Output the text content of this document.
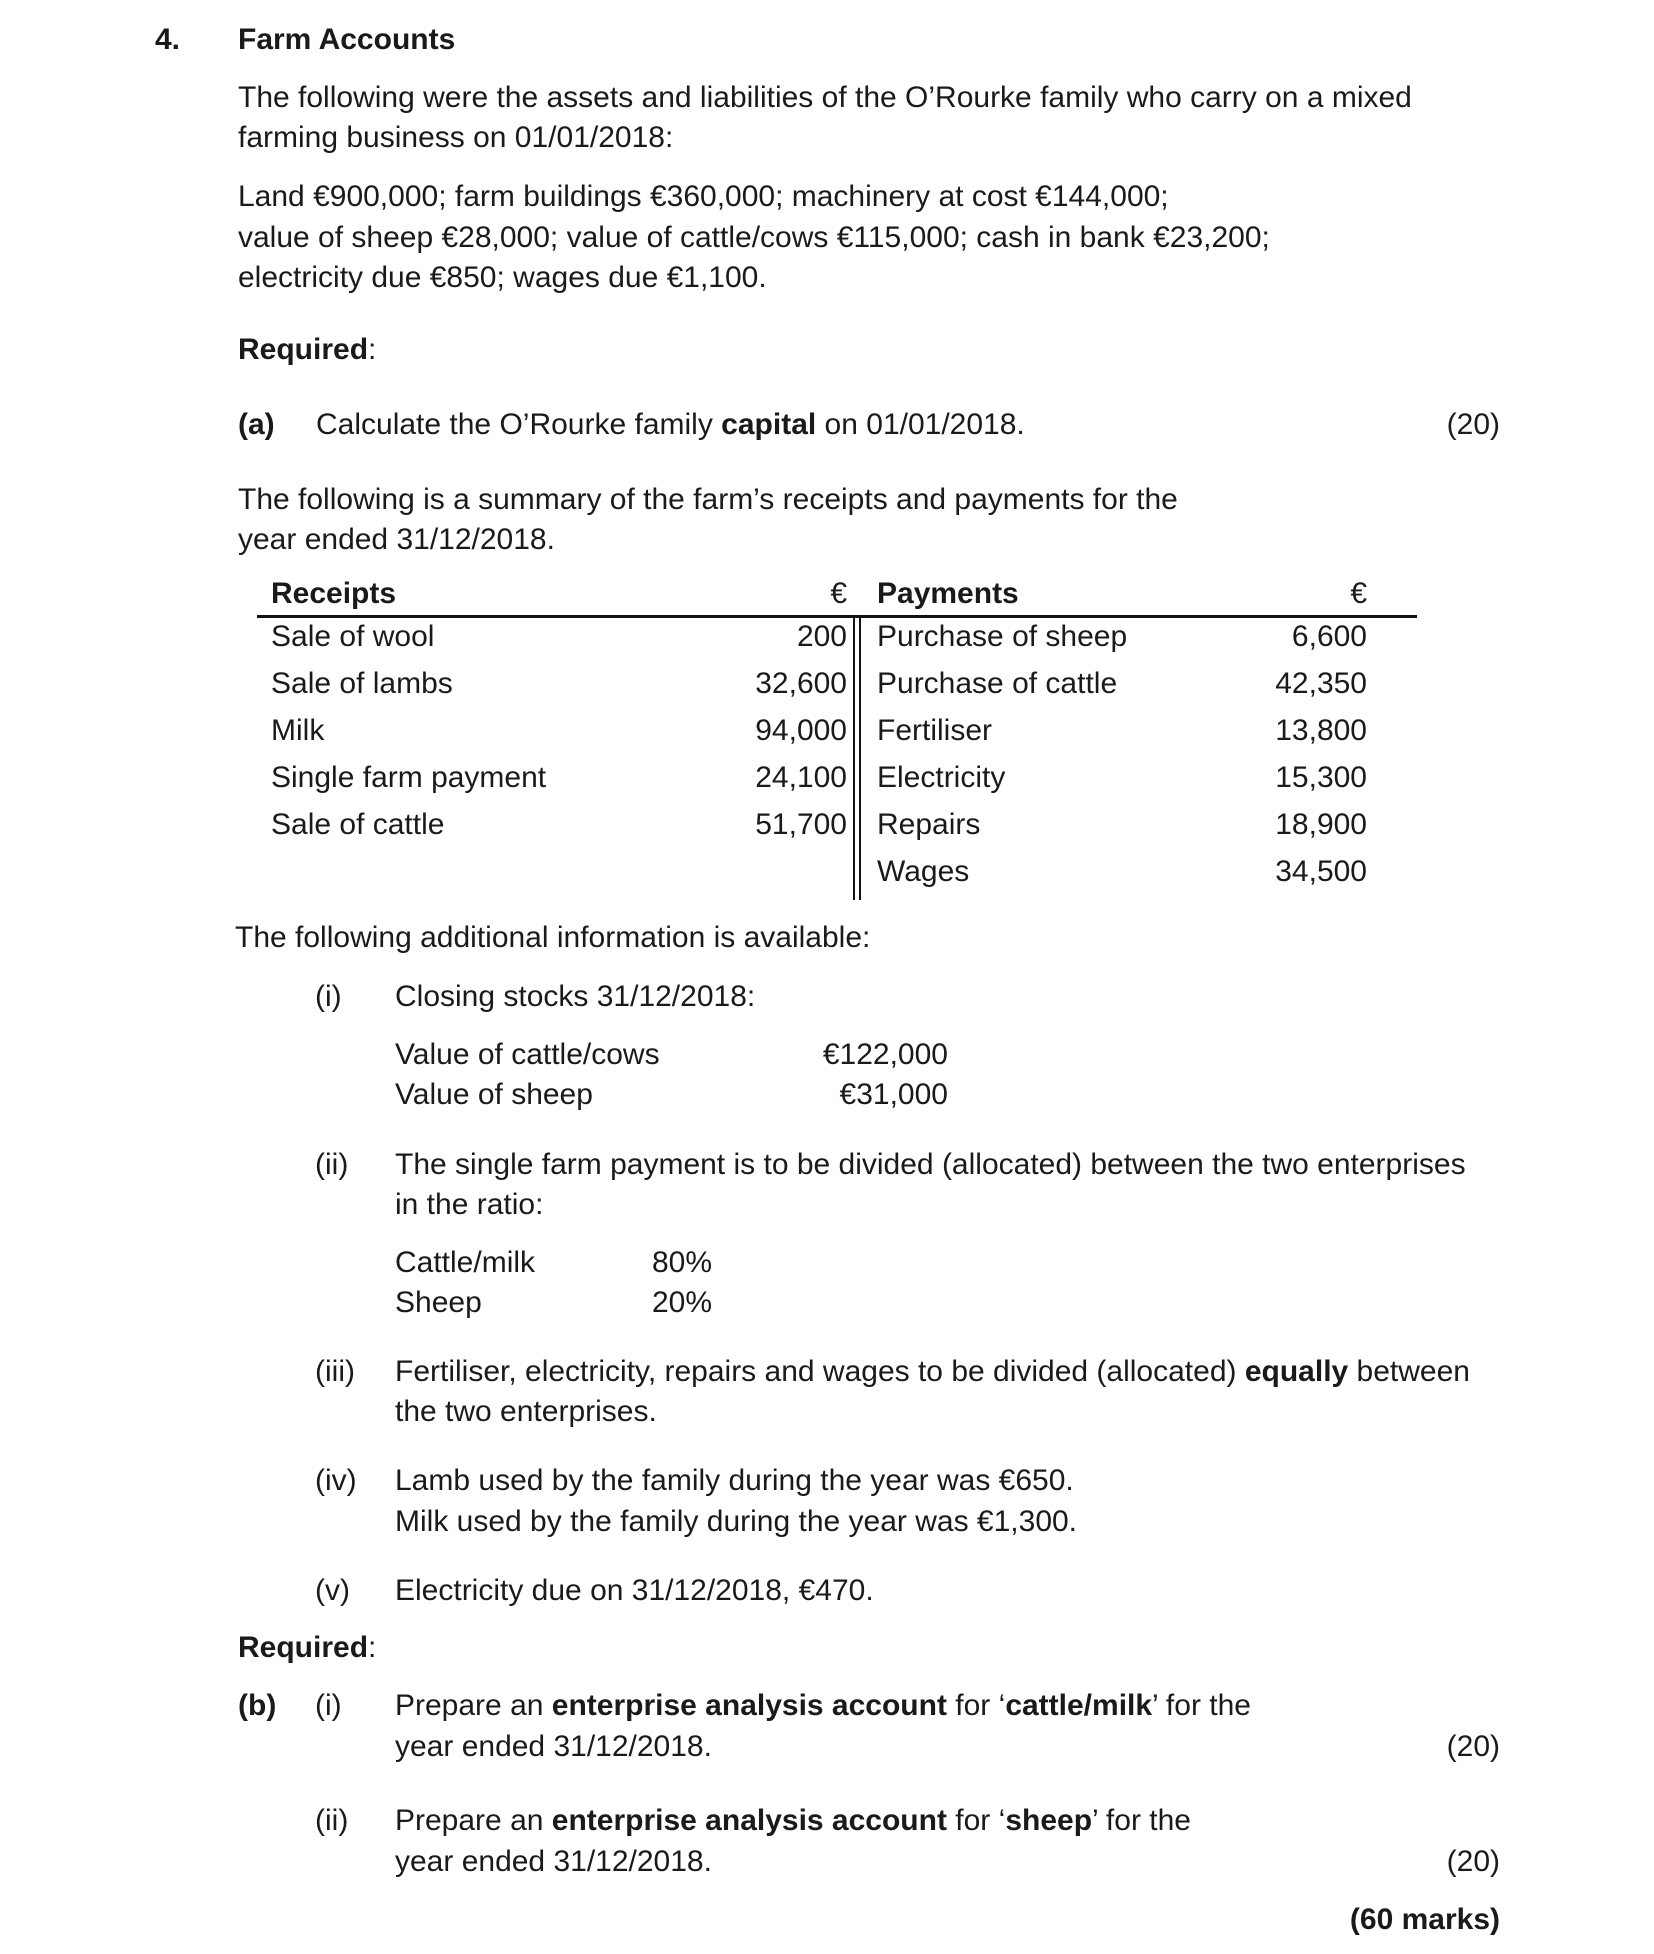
4. Farm Accounts
The following were the assets and liabilities of the O’Rourke family who carry on a mixed
farming business on 01/01/2018:
Land €900,000; farm buildings €360,000; machinery at cost €144,000;
value of sheep €28,000; value of cattle/cows €115,000; cash in bank €23,200;
electricity due €850; wages due €1,100.
Required:
(a) Calculate the O’Rourke family capital on 01/01/2018.	(20)
The following is a summary of the farm’s receipts and payments for the
year ended 31/12/2018.
Receipts	€ Payments	€
Sale of wool	200 Purchase of sheep	6,600
Sale of lambs	32,600 Purchase of cattle	42,350
Milk	94,000 Fertiliser	13,800
Single farm payment	24,100 Electricity	15,300
Sale of cattle	51,700 Repairs	18,900
Wages	34,500
The following additional information is available:
(i) Closing stocks 31/12/2018:
Value of cattle/cows	€122,000
Value of sheep	€31,000
(ii) The single farm payment is to be divided (allocated) between the two enterprises
in the ratio:
Cattle/milk	80%
Sheep	20%
(iii) Fertiliser, electricity, repairs and wages to be divided (allocated) equally between
the two enterprises.
(iv) Lamb used by the family during the year was €650.
Milk used by the family during the year was €1,300.
(v) Electricity due on 31/12/2018, €470.
Required:
(b) (i) Prepare an enterprise analysis account for ‘cattle/milk’ for the
year ended 31/12/2018.	(20)
(ii) Prepare an enterprise analysis account for ‘sheep’ for the
year ended 31/12/2018.	(20)
(60 marks)
